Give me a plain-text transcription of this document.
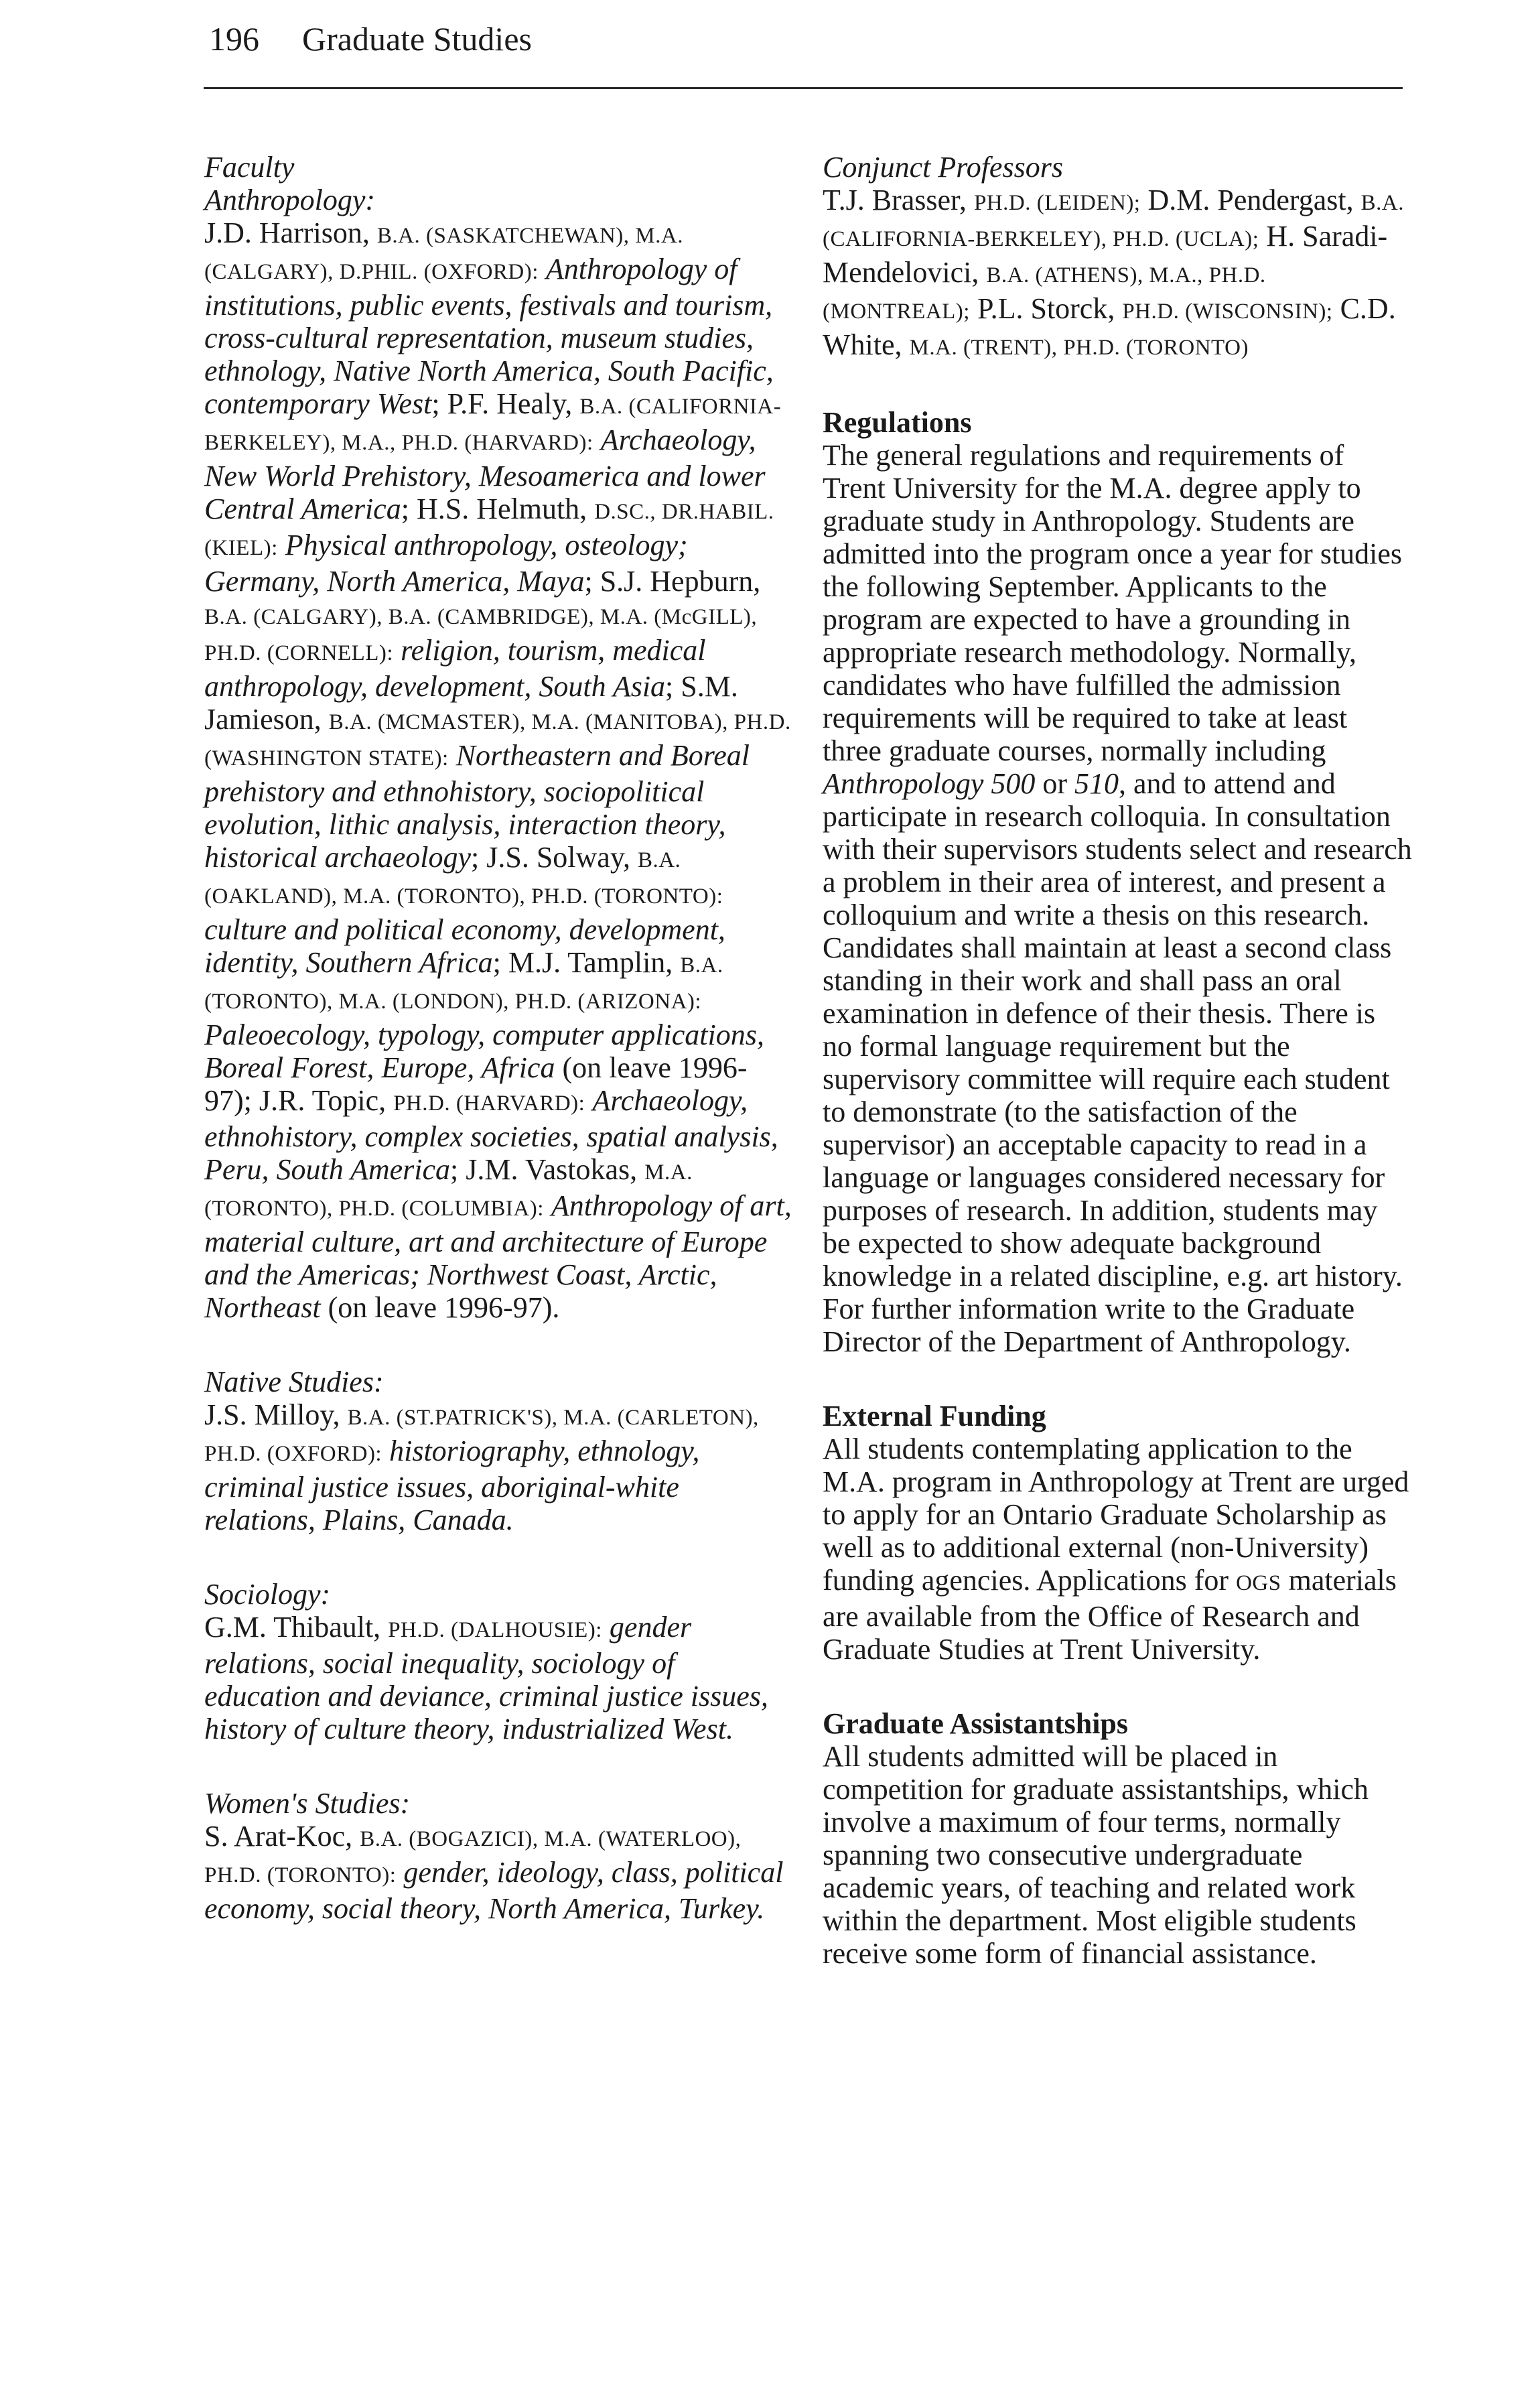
196 Graduate Studies
Faculty
Anthropology:
J.D. Harrison, B.A. (SASKATCHEWAN), M.A. (CALGARY), D.PHIL. (OXFORD): Anthropology of institutions, public events, festivals and tourism, cross-cultural representation, museum studies, ethnology, Native North America, South Pacific, contemporary West; P.F. Healy, B.A. (CALIFORNIA-BERKELEY), M.A., PH.D. (HARVARD): Archaeology, New World Prehistory, Mesoamerica and lower Central America; H.S. Helmuth, D.SC., DR.HABIL. (KIEL): Physical anthropology, osteology; Germany, North America, Maya; S.J. Hepburn, B.A. (CALGARY), B.A. (CAMBRIDGE), M.A. (McGILL), PH.D. (CORNELL): religion, tourism, medical anthropology, development, South Asia; S.M. Jamieson, B.A. (MCMASTER), M.A. (MANITOBA), PH.D. (WASHINGTON STATE): Northeastern and Boreal prehistory and ethnohistory, sociopolitical evolution, lithic analysis, interaction theory, historical archaeology; J.S. Solway, B.A. (OAKLAND), M.A. (TORONTO), PH.D. (TORONTO): culture and political economy, development, identity, Southern Africa; M.J. Tamplin, B.A. (TORONTO), M.A. (LONDON), PH.D. (ARIZONA): Paleoecology, typology, computer applications, Boreal Forest, Europe, Africa (on leave 1996-97); J.R. Topic, PH.D. (HARVARD): Archaeology, ethnohistory, complex societies, spatial analysis, Peru, South America; J.M. Vastokas, M.A. (TORONTO), PH.D. (COLUMBIA): Anthropology of art, material culture, art and architecture of Europe and the Americas; Northwest Coast, Arctic, Northeast (on leave 1996-97).
Native Studies:
J.S. Milloy, B.A. (ST.PATRICK'S), M.A. (CARLETON), PH.D. (OXFORD): historiography, ethnology, criminal justice issues, aboriginal-white relations, Plains, Canada.
Sociology:
G.M. Thibault, PH.D. (DALHOUSIE): gender relations, social inequality, sociology of education and deviance, criminal justice issues, history of culture theory, industrialized West.
Women's Studies:
S. Arat-Koc, B.A. (BOGAZICI), M.A. (WATERLOO), PH.D. (TORONTO): gender, ideology, class, political economy, social theory, North America, Turkey.
Conjunct Professors
T.J. Brasser, PH.D. (LEIDEN); D.M. Pendergast, B.A. (CALIFORNIA-BERKELEY), PH.D. (UCLA); H. Saradi-Mendelovici, B.A. (ATHENS), M.A., PH.D. (MONTREAL); P.L. Storck, PH.D. (WISCONSIN); C.D. White, M.A. (TRENT), PH.D. (TORONTO)
Regulations
The general regulations and requirements of Trent University for the M.A. degree apply to graduate study in Anthropology. Students are admitted into the program once a year for studies the following September. Applicants to the program are expected to have a grounding in appropriate research methodology. Normally, candidates who have fulfilled the admission requirements will be required to take at least three graduate courses, normally including Anthropology 500 or 510, and to attend and participate in research colloquia. In consultation with their supervisors students select and research a problem in their area of interest, and present a colloquium and write a thesis on this research. Candidates shall maintain at least a second class standing in their work and shall pass an oral examination in defence of their thesis. There is no formal language requirement but the supervisory committee will require each student to demonstrate (to the satisfaction of the supervisor) an acceptable capacity to read in a language or languages considered necessary for purposes of research. In addition, students may be expected to show adequate background knowledge in a related discipline, e.g. art history. For further information write to the Graduate Director of the Department of Anthropology.
External Funding
All students contemplating application to the M.A. program in Anthropology at Trent are urged to apply for an Ontario Graduate Scholarship as well as to additional external (non-University) funding agencies. Applications for OGS materials are available from the Office of Research and Graduate Studies at Trent University.
Graduate Assistantships
All students admitted will be placed in competition for graduate assistantships, which involve a maximum of four terms, normally spanning two consecutive undergraduate academic years, of teaching and related work within the department. Most eligible students receive some form of financial assistance.
